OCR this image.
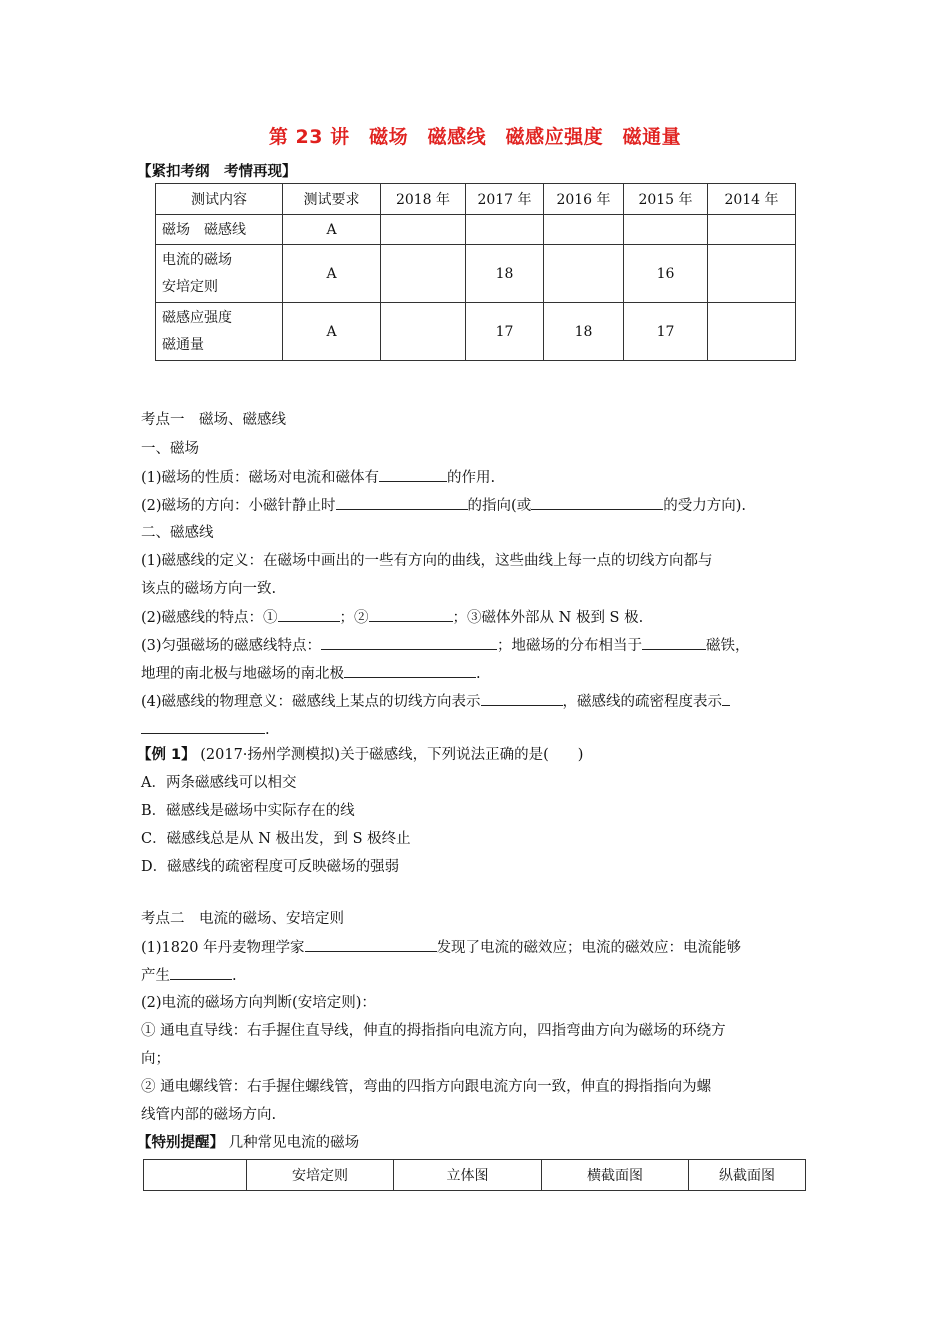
第 23 讲　磁场　磁感线　磁感应强度　磁通量
【紧扣考纲　考情再现】
测试内容	测试要求	2018 年	2017 年	2016 年	2015 年	2014 年
磁场　磁感线	A					

电流的磁场
安培定则	A		18		16	

磁感应强度
磁通量	A		17	18	17	
考点一　磁场、磁感线
一、磁场
(1)磁场的性质：磁场对电流和磁体有	的作用.
(2)磁场的方向：小磁针静止时	的指向(或	的受力方向).
二、磁感线
(1)磁感线的定义：在磁场中画出的一些有方向的曲线，这些曲线上每一点的切线方向都与
该点的磁场方向一致.
(2)磁感线的特点：①	；②	；③磁体外部从 N 极到 S 极.
(3)匀强磁场的磁感线特点：	；地磁场的分布相当于	磁铁，
地理的南北极与地磁场的南北极	.
(4)磁感线的物理意义：磁感线上某点的切线方向表示	，磁感线的疏密程度表示
.
【例 1】 (2017·扬州学测模拟)关于磁感线，下列说法正确的是(　　)
A．两条磁感线可以相交
B．磁感线是磁场中实际存在的线
C．磁感线总是从 N 极出发，到 S 极终止
D．磁感线的疏密程度可反映磁场的强弱
考点二　电流的磁场、安培定则
(1)1820 年丹麦物理学家	发现了电流的磁效应；电流的磁效应：电流能够
产生	.
(2)电流的磁场方向判断(安培定则)：
① 通电直导线：右手握住直导线，伸直的拇指指向电流方向，四指弯曲方向为磁场的环绕方
向；
② 通电螺线管：右手握住螺线管，弯曲的四指方向跟电流方向一致，伸直的拇指指向为螺
线管内部的磁场方向.
【特别提醒】 几种常见电流的磁场
	安培定则	立体图	横截面图	纵截面图
